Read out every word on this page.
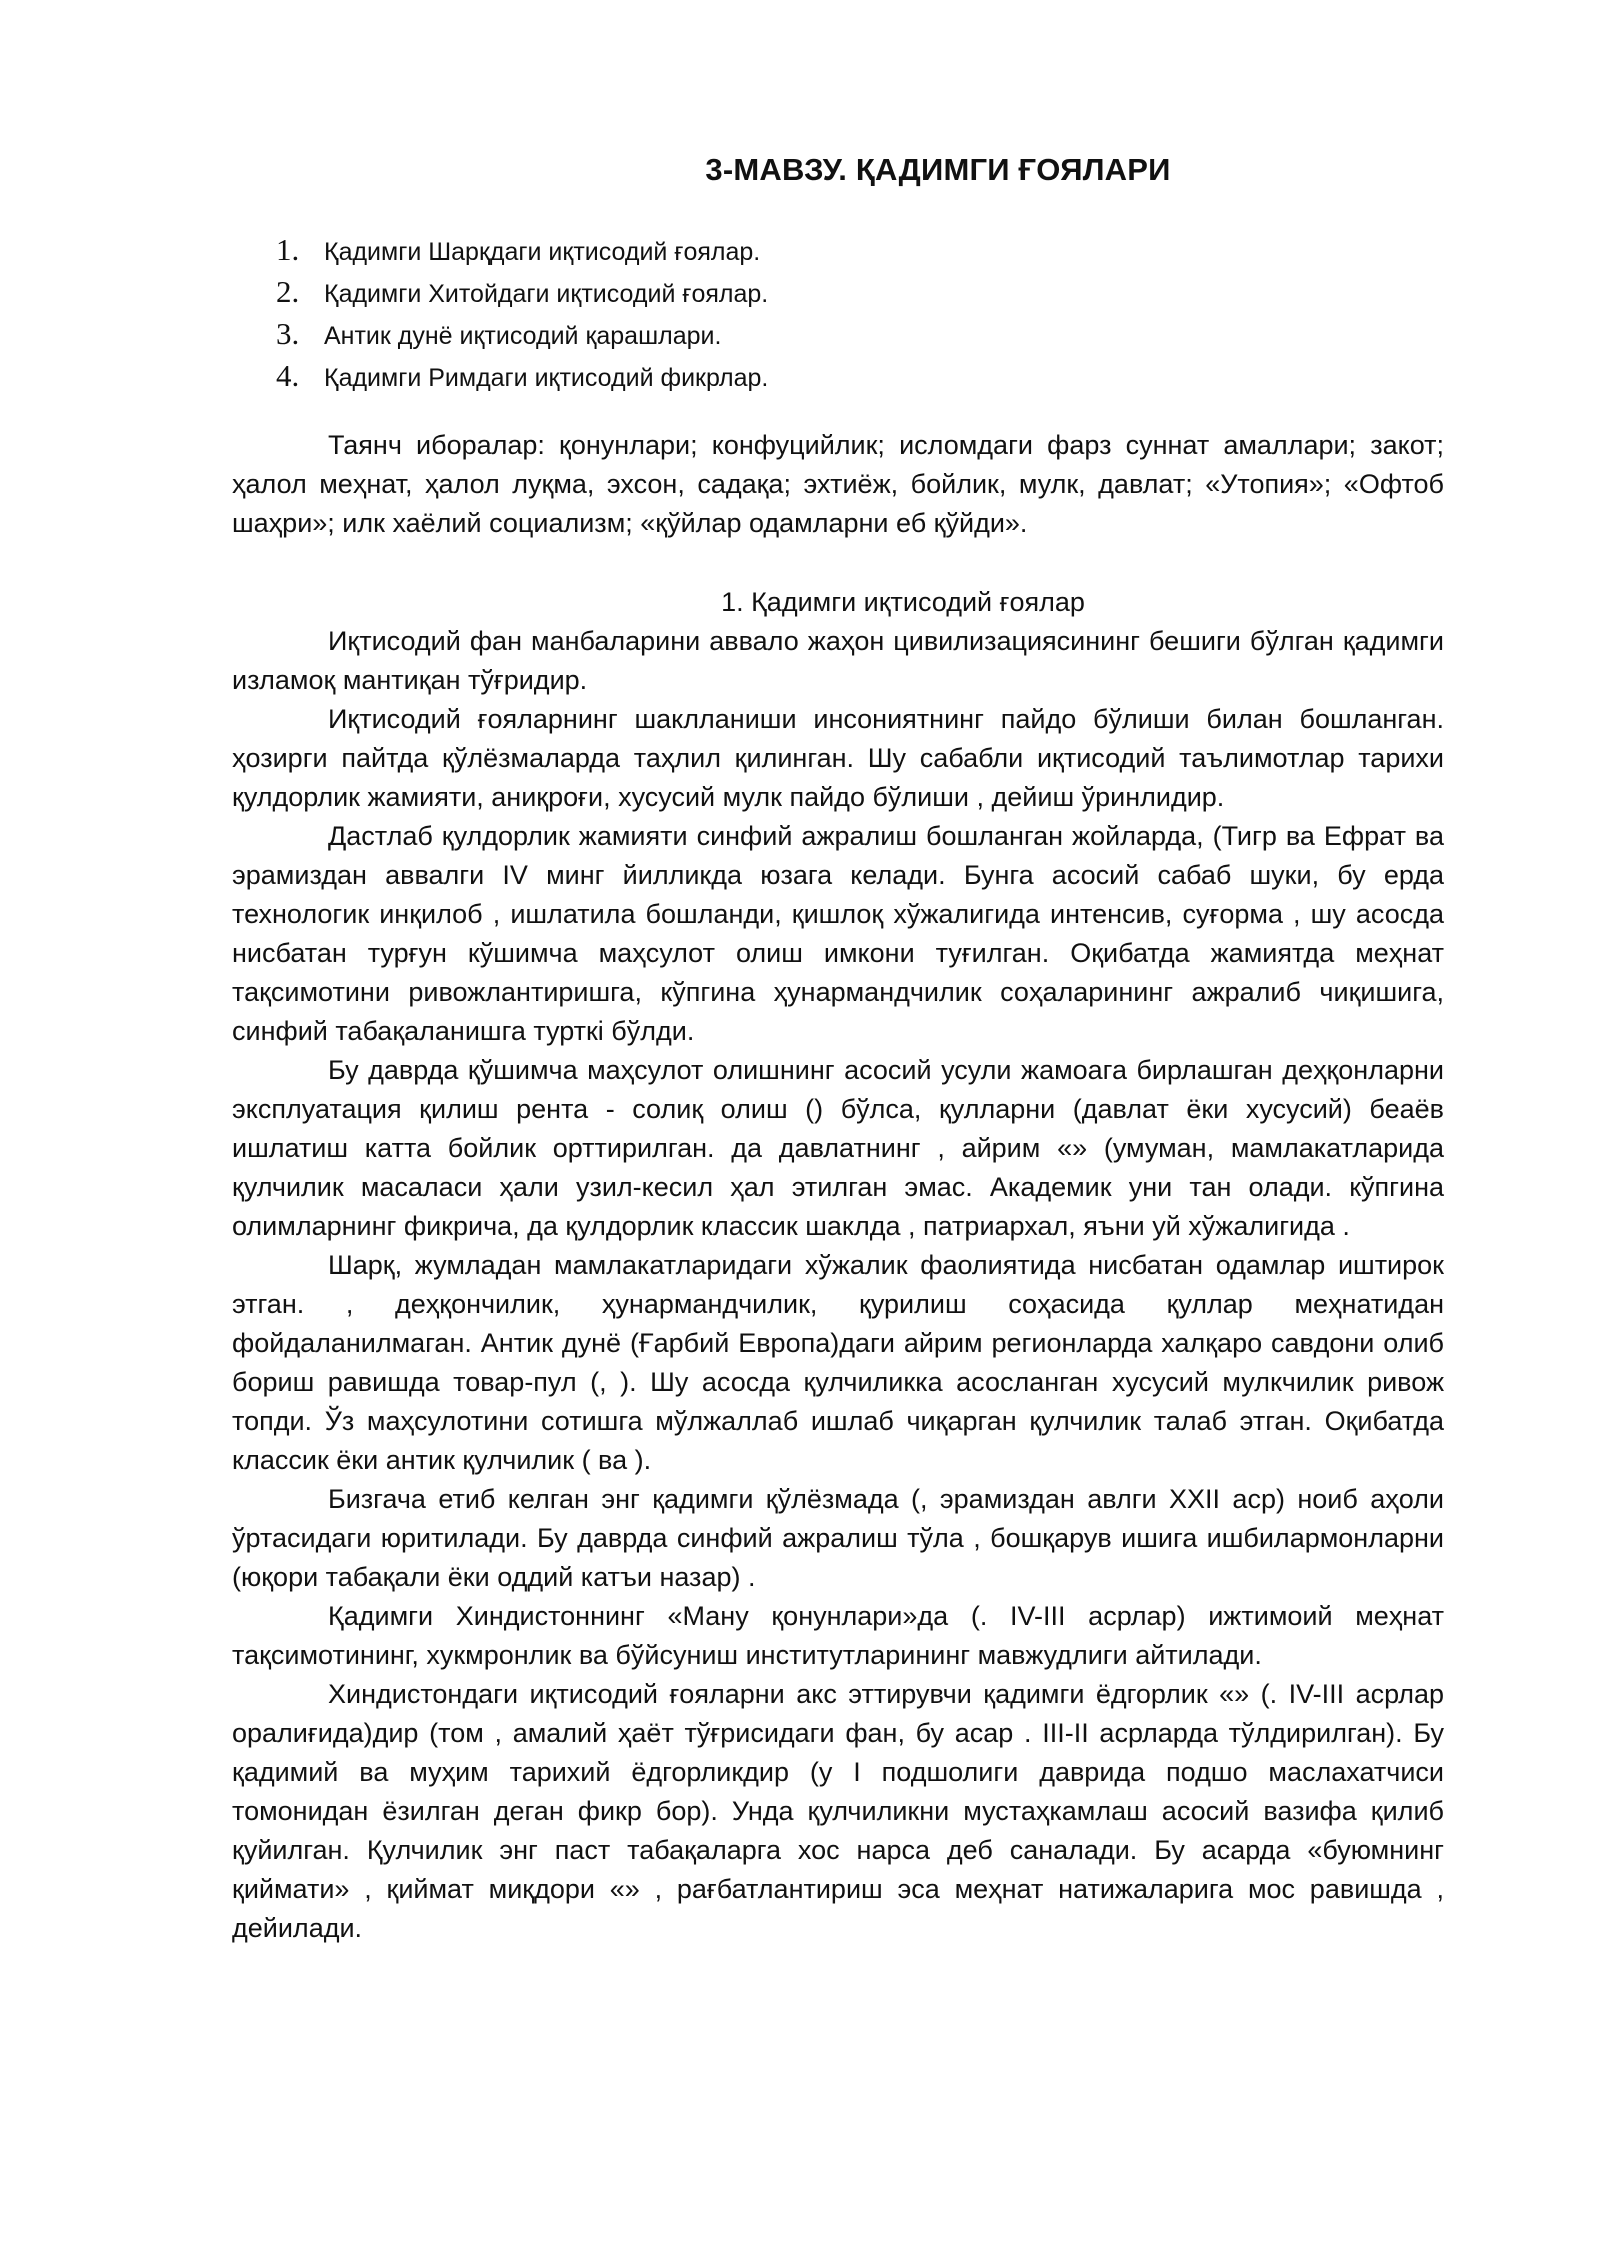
3-МАВЗУ. ҚАДИМГИ ҒОЯЛАРИ
1. Қадимги Шарқдаги иқтисодий ғоялар.
2. Қадимги Хитойдаги иқтисодий ғоялар.
3. Антик дунё иқтисодий қарашлари.
4. Қадимги Римдаги иқтисодий фикрлар.

Таянч иборалар: қонунлари; конфуцийлик; исломдаги фарз суннат амаллари; закот; ҳалол меҳнат, ҳалол луқма, эхсон, садақа; эхтиёж, бойлик, мулк, давлат; «Утопия»; «Офтоб шаҳри»; илк хаёлий социализм; «қўйлар одамларни еб қўйди».

1. Қадимги иқтисодий ғоялар

Иқтисодий фан манбаларини аввало жаҳон цивилизациясининг бешиги бўлган қадимги изламоқ мантиқан тўғридир.

Иқтисодий ғояларнинг шаклланиши инсониятнинг пайдо бўлиши билан бошланган. ҳозирги пайтда қўлёзмаларда таҳлил қилинган. Шу сабабли иқтисодий таълимотлар тарихи қулдорлик жамияти, аниқроғи, хусусий мулк пайдо бўлиши , дейиш ўринлидир.

Дастлаб қулдорлик жамияти синфий ажралиш бошланган жойларда, (Тигр ва Ефрат ва эрамиздан аввалги IV минг йилликда юзага келади. Бунга асосий сабаб шуки, бу ерда технологик инқилоб , ишлатила бошланди, қишлоқ хўжалигида интенсив, суғорма , шу асосда нисбатан турғун кўшимча маҳсулот олиш имкони туғилган. Оқибатда жамиятда меҳнат тақсимотини ривожлантиришга, кўпгина ҳунармандчилик соҳаларининг ажралиб чиқишига, синфий табақаланишга турткі бўлди.

Бу даврда қўшимча маҳсулот олишнинг асосий усули жамоага бирлашган деҳқонларни эксплуатация қилиш рента - солиқ олиш () бўлса, қулларни (давлат ёки хусусий) беаёв ишлатиш катта бойлик орттирилган. да давлатнинг , айрим «» (умуман, мамлакатларида қулчилик масаласи ҳали узил-кесил ҳал этилган эмас. Академик уни тан олади. кўпгина олимларнинг фикрича, да қулдорлик классик шаклда , патриархал, яъни уй хўжалигида .

Шарқ, жумладан мамлакатларидаги хўжалик фаолиятида нисбатан одамлар иштирок этган. , деҳқончилик, ҳунармандчилик, қурилиш соҳасида қуллар меҳнатидан фойдаланилмаган. Антик дунё (Ғарбий Европа)даги айрим регионларда халқаро савдони олиб бориш равишда товар-пул (, ). Шу асосда қулчиликка асосланган хусусий мулкчилик ривож топди. Ўз маҳсулотини сотишга мўлжаллаб ишлаб чиқарган қулчилик талаб этган. Оқибатда классик ёки антик қулчилик ( ва ).

Бизгача етиб келган энг қадимги қўлёзмада (, эрамиздан авлги XXII аср) ноиб аҳоли ўртасидаги юритилади. Бу даврда синфий ажралиш тўла , бошқарув ишига ишбилармонларни (юқори табақали ёки оддий катъи назар) .

Қадимги Хиндистоннинг «Ману қонунлари»да (. IV-III асрлар) ижтимоий меҳнат тақсимотининг, хукмронлик ва бўйсуниш институтларининг мавжудлиги айтилади.

Хиндистондаги иқтисодий ғояларни акс эттирувчи қадимги ёдгорлик «» (. IV-III асрлар оралиғида)дир (том , амалий ҳаёт тўғрисидаги фан, бу асар . III-II асрларда тўлдирилган). Бу қадимий ва муҳим тарихий ёдгорликдир (у I подшолиги даврида подшо маслахатчиси томонидан ёзилган деган фикр бор). Унда қулчиликни мустаҳкамлаш асосий вазифа қилиб қуйилган. Қулчилик энг паст табақаларга хос нарса деб саналади. Бу асарда «буюмнинг қиймати» , қиймат миқдори «» , рағбатлантириш эса меҳнат натижаларига мос равишда , дейилади.
